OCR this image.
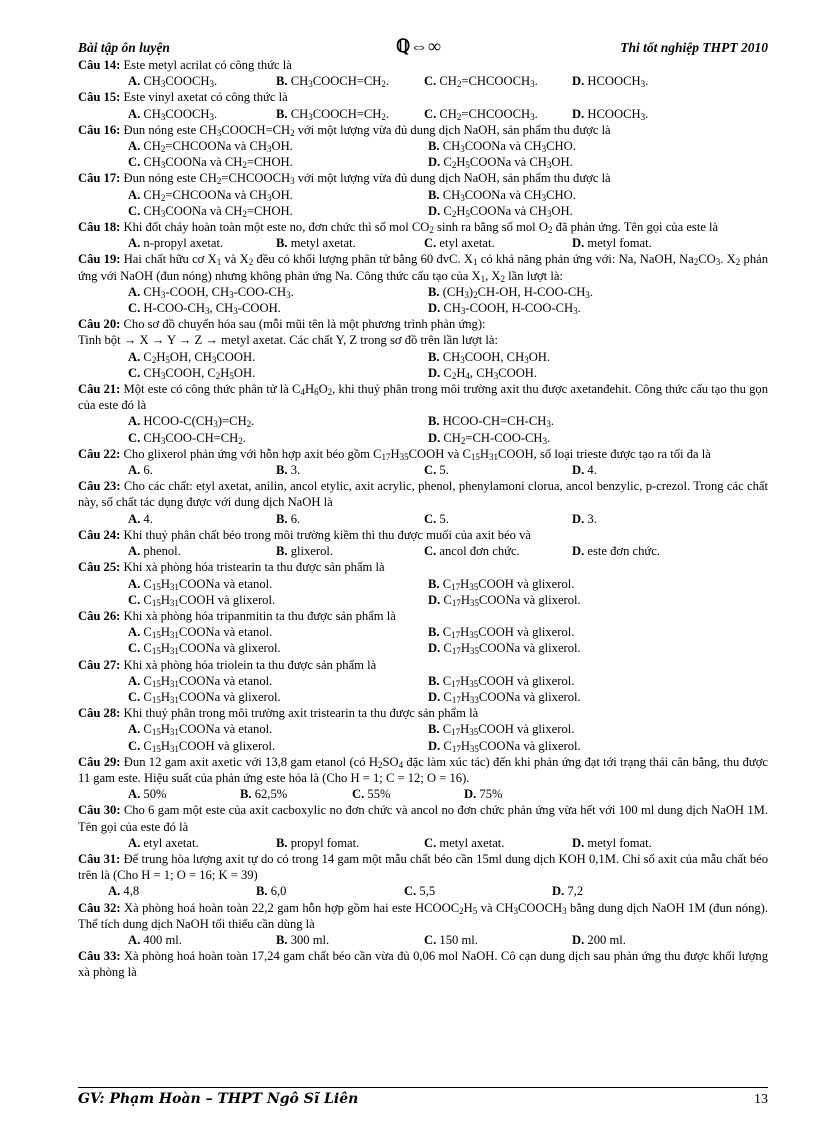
Bài tập ôn luyện	ℚ⇔∞	Thi tốt nghiệp THPT 2010
Câu 14: Este metyl acrilat có công thức là
A. $CH_3COOCH_3$.	B. $CH_3COOCH=CH_2$.	C. $CH_2=CHCOOCH_3$.	D. $HCOOCH_3$.
Câu 15: Este vinyl axetat có công thức là
A. $CH_3COOCH_3$.	B. $CH_3COOCH=CH_2$.	C. $CH_2=CHCOOCH_3$.	D. $HCOOCH_3$.
Câu 16: Đun nóng este $CH_3COOCH=CH_2$ với một lượng vừa đủ dung dịch NaOH, sản phẩm thu được là
A. $CH_2=CHCOONa$ và $CH_3OH$.	B. $CH_3COONa$ và $CH_3CHO$.
C. $CH_3COONa$ và $CH_2=CHOH$.	D. $C_2H_5COONa$ và $CH_3OH$.
Câu 17: Đun nóng este $CH_2=CHCOOCH_3$ với một lượng vừa đủ dung dịch NaOH, sản phẩm thu được là
A. $CH_2=CHCOONa$ và $CH_3OH$.	B. $CH_3COONa$ và $CH_3CHO$.
C. $CH_3COONa$ và $CH_2=CHOH$.	D. $C_2H_5COONa$ và $CH_3OH$.
Câu 18: Khi đốt cháy hoàn toàn một este no, đơn chức thì số mol $CO_2$ sinh ra bằng số mol $O_2$ đã phản ứng. Tên gọi của este là
A. n-propyl axetat.	B. metyl axetat.	C. etyl axetat.	D. metyl fomat.
Câu 19: Hai chất hữu cơ $X_1$ và $X_2$ đều có khối lượng phân tử bằng 60 đvC. $X_1$ có khả năng phản ứng với: Na, NaOH, $Na_2CO_3$. $X_2$ phản ứng với NaOH (đun nóng) nhưng không phản ứng Na. Công thức cấu tạo của $X_1$, $X_2$ lần lượt là:
A. $CH_3$-COOH, $CH_3-COO-CH_3$.	B. $(CH_3)_2CH-OH$, $H-COO-CH_3$.
C. $H-COO-CH_3$, $CH_3$-COOH.	D. $CH_3$-COOH, $H-COO-CH_3$.
Câu 20: Cho sơ đồ chuyển hóa sau (mỗi mũi tên là một phương trình phản ứng):
Tinh bột → X → Y → Z → metyl axetat. Các chất Y, Z trong sơ đồ trên lần lượt là:
A. $C_2H_5OH$, $CH_3COOH$.	B. $CH_3COOH$, $CH_3OH$.
C. $CH_3COOH$, $C_2H_5OH$.	D. $C_2H_4$, $CH_3COOH$.
Câu 21: Một este có công thức phân tử là $C_4H_6O_2$, khi thuỷ phân trong môi trường axit thu được axetanđehit. Công thức cấu tạo thu gọn của este đó là
A. HCOO-$C(CH_3)=CH_2$.	B. HCOO-$CH=CH-CH_3$.
C. $CH_3COO-CH=CH_2$.	D. $CH_2=CH-COO-CH_3$.
Câu 22: Cho glixerol phản ứng với hỗn hợp axit béo gồm $C_{17}H_{35}COOH$ và $C_{15}H_{31}COOH$, số loại trieste được tạo ra tối đa là
A. 6.	B. 3.	C. 5.	D. 4.
Câu 23: Cho các chất: etyl axetat, anilin, ancol etylic, axit acrylic, phenol, phenylamoni clorua, ancol benzylic, p-crezol. Trong các chất này, số chất tác dụng được với dung dịch NaOH là
A. 4.	B. 6.	C. 5.	D. 3.
Câu 24: Khi thuỷ phân chất béo trong môi trường kiềm thì thu được muối của axit béo và
A. phenol.	B. glixerol.	C. ancol đơn chức.	D. este đơn chức.
Câu 25: Khi xà phòng hóa tristearin ta thu được sản phẩm là
A. $C_{15}H_{31}COONa$ và etanol.	B. $C_{17}H_{35}COOH$ và glixerol.
C. $C_{15}H_{31}COOH$ và glixerol.	D. $C_{17}H_{35}COONa$ và glixerol.
Câu 26: Khi xà phòng hóa tripanmitin ta thu được sản phẩm là
A. $C_{15}H_{31}COONa$ và etanol.	B. $C_{17}H_{35}COOH$ và glixerol.
C. $C_{15}H_{31}COONa$ và glixerol.	D. $C_{17}H_{35}COONa$ và glixerol.
Câu 27: Khi xà phòng hóa triolein ta thu được sản phẩm là
A. $C_{15}H_{31}COONa$ và etanol.	B. $C_{17}H_{35}COOH$ và glixerol.
C. $C_{15}H_{31}COONa$ và glixerol.	D. $C_{17}H_{33}COONa$ và glixerol.
Câu 28: Khi thuỷ phân trong môi trường axit tristearin ta thu được sản phẩm là
A. $C_{15}H_{31}COONa$ và etanol.	B. $C_{17}H_{35}COOH$ và glixerol.
C. $C_{15}H_{31}COOH$ và glixerol.	D. $C_{17}H_{35}COONa$ và glixerol.
Câu 29: Đun 12 gam axit axetic với 13,8 gam etanol (có $H_2SO_4$ đặc làm xúc tác) đến khi phản ứng đạt tới trạng thái cân bằng, thu được 11 gam este. Hiệu suất của phản ứng este hóa là (Cho H = 1; C = 12; O = 16).
A. 50%	B. 62,5%	C. 55%	D. 75%
Câu 30: Cho 6 gam một este của axit cacboxylic no đơn chức và ancol no đơn chức phản ứng vừa hết với 100 ml dung dịch NaOH 1M. Tên gọi của este đó là
A. etyl axetat.	B. propyl fomat.	C. metyl axetat.	D. metyl fomat.
Câu 31: Để trung hòa lượng axit tự do có trong 14 gam một mẫu chất béo cần 15ml dung dịch KOH 0,1M. Chỉ số axit của mẫu chất béo trên là (Cho H = 1; O = 16; K = 39)
A. 4,8	B. 6,0	C. 5,5	D. 7,2
Câu 32: Xà phòng hoá hoàn toàn 22,2 gam hỗn hợp gồm hai este $HCOOC_2H_5$ và $CH_3COOCH_3$ bằng dung dịch NaOH 1M (đun nóng). Thể tích dung dịch NaOH tối thiểu cần dùng là
A. 400 ml.	B. 300 ml.	C. 150 ml.	D. 200 ml.
Câu 33: Xà phòng hoá hoàn toàn 17,24 gam chất béo cần vừa đủ 0,06 mol NaOH. Cô cạn dung dịch sau phản ứng thu được khối lượng xà phòng là
GV: Phạm Hoàn – THPT Ngô Sĩ Liên	13
